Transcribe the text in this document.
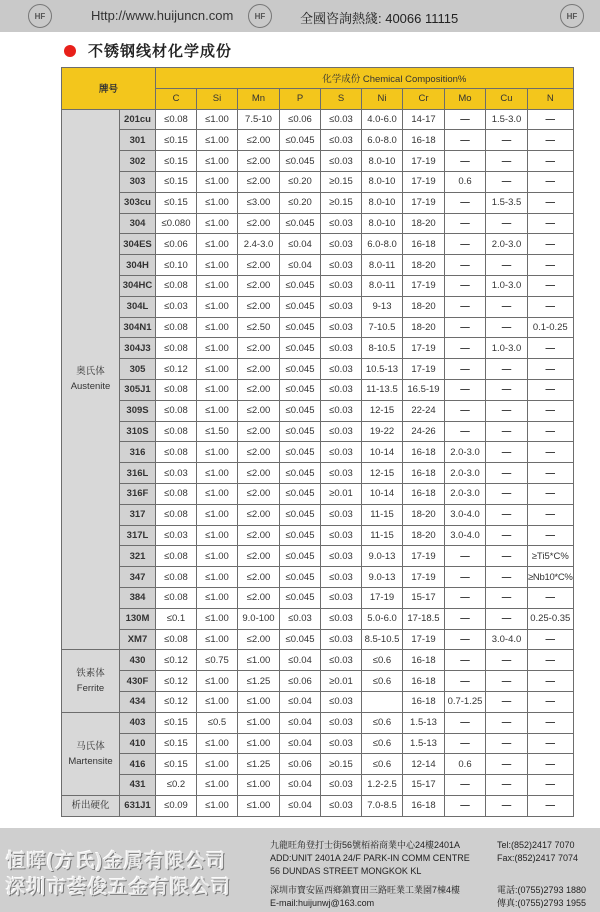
HF	Http://www.huijuncn.com	HF	全國咨詢熱綫: 40066 11115	HF
不锈钢线材化学成份
牌号		化学成份 Chemical Composition%									

		C	Si	Mn	P	S	Ni	Cr	Mo	Cu	N

奥氏体
Austenite	201cu	≤0.08	≤1.00	7.5-10	≤0.06	≤0.03	4.0-6.0	14-17	—	1.5-3.0	—
	301	≤0.15	≤1.00	≤2.00	≤0.045	≤0.03	6.0-8.0	16-18	—	—	—
	302	≤0.15	≤1.00	≤2.00	≤0.045	≤0.03	8.0-10	17-19	—	—	—
	303	≤0.15	≤1.00	≤2.00	≤0.20	≥0.15	8.0-10	17-19	0.6	—	—
	303cu	≤0.15	≤1.00	≤3.00	≤0.20	≥0.15	8.0-10	17-19	—	1.5-3.5	—
	304	≤0.080	≤1.00	≤2.00	≤0.045	≤0.03	8.0-10	18-20	—	—	—
	304ES	≤0.06	≤1.00	2.4-3.0	≤0.04	≤0.03	6.0-8.0	16-18	—	2.0-3.0	—
	304H	≤0.10	≤1.00	≤2.00	≤0.04	≤0.03	8.0-11	18-20	—	—	—
	304HC	≤0.08	≤1.00	≤2.00	≤0.045	≤0.03	8.0-11	17-19	—	1.0-3.0	—
	304L	≤0.03	≤1.00	≤2.00	≤0.045	≤0.03	9-13	18-20	—	—	—
	304N1	≤0.08	≤1.00	≤2.50	≤0.045	≤0.03	7-10.5	18-20	—	—	0.1-0.25
	304J3	≤0.08	≤1.00	≤2.00	≤0.045	≤0.03	8-10.5	17-19	—	1.0-3.0	—
	305	≤0.12	≤1.00	≤2.00	≤0.045	≤0.03	10.5-13	17-19	—	—	—
	305J1	≤0.08	≤1.00	≤2.00	≤0.045	≤0.03	11-13.5	16.5-19	—	—	—
	309S	≤0.08	≤1.00	≤2.00	≤0.045	≤0.03	12-15	22-24	—	—	—
	310S	≤0.08	≤1.50	≤2.00	≤0.045	≤0.03	19-22	24-26	—	—	—
	316	≤0.08	≤1.00	≤2.00	≤0.045	≤0.03	10-14	16-18	2.0-3.0	—	—
	316L	≤0.03	≤1.00	≤2.00	≤0.045	≤0.03	12-15	16-18	2.0-3.0	—	—
	316F	≤0.08	≤1.00	≤2.00	≤0.045	≥0.01	10-14	16-18	2.0-3.0	—	—
	317	≤0.08	≤1.00	≤2.00	≤0.045	≤0.03	11-15	18-20	3.0-4.0	—	—
	317L	≤0.03	≤1.00	≤2.00	≤0.045	≤0.03	11-15	18-20	3.0-4.0	—	—
	321	≤0.08	≤1.00	≤2.00	≤0.045	≤0.03	9.0-13	17-19	—	—	≥Ti5*C%
	347	≤0.08	≤1.00	≤2.00	≤0.045	≤0.03	9.0-13	17-19	—	—	≥Nb10*C%
	384	≤0.08	≤1.00	≤2.00	≤0.045	≤0.03	17-19	15-17	—	—	—
	130M	≤0.1	≤1.00	9.0-100	≤0.03	≤0.03	5.0-6.0	17-18.5	—	—	0.25-0.35
	XM7	≤0.08	≤1.00	≤2.00	≤0.045	≤0.03	8.5-10.5	17-19	—	3.0-4.0	—

铁素体
Ferrite	430	≤0.12	≤0.75	≤1.00	≤0.04	≤0.03	≤0.6	16-18	—	—	—
	430F	≤0.12	≤1.00	≤1.25	≤0.06	≥0.01	≤0.6	16-18	—	—	—
	434	≤0.12	≤1.00	≤1.00	≤0.04	≤0.03		16-18	0.7-1.25	—	—

马氏体
Martensite	403	≤0.15	≤0.5	≤1.00	≤0.04	≤0.03	≤0.6	1.5-13	—	—	—
	410	≤0.15	≤1.00	≤1.00	≤0.04	≤0.03	≤0.6	1.5-13	—	—	—
	416	≤0.15	≤1.00	≤1.25	≤0.06	≥0.15	≤0.6	12-14	0.6	—	—
	431	≤0.2	≤1.00	≤1.00	≤0.04	≤0.03	1.2-2.5	15-17	—	—	—

析出硬化	631J1	≤0.09	≤1.00	≤1.00	≤0.04	≤0.03	7.0-8.5	16-18	—	—	—
恒晖(方氏)金属有限公司
深圳市荟俊五金有限公司
九龍旺角登打士街56號栢裕商業中心24樓2401A
ADD:UNIT 2401A 24/F PARK-IN COMM CENTRE
56 DUNDAS STREET MONGKOK KL
深圳市寶安區西鄉鎮寶田三路旺業工業園7棟4樓
E-mail:huijunwj@163.com
Tel:(852)2417 7070
Fax:(852)2417 7074
電話:(0755)2793 1880
傳真:(0755)2793 1955
